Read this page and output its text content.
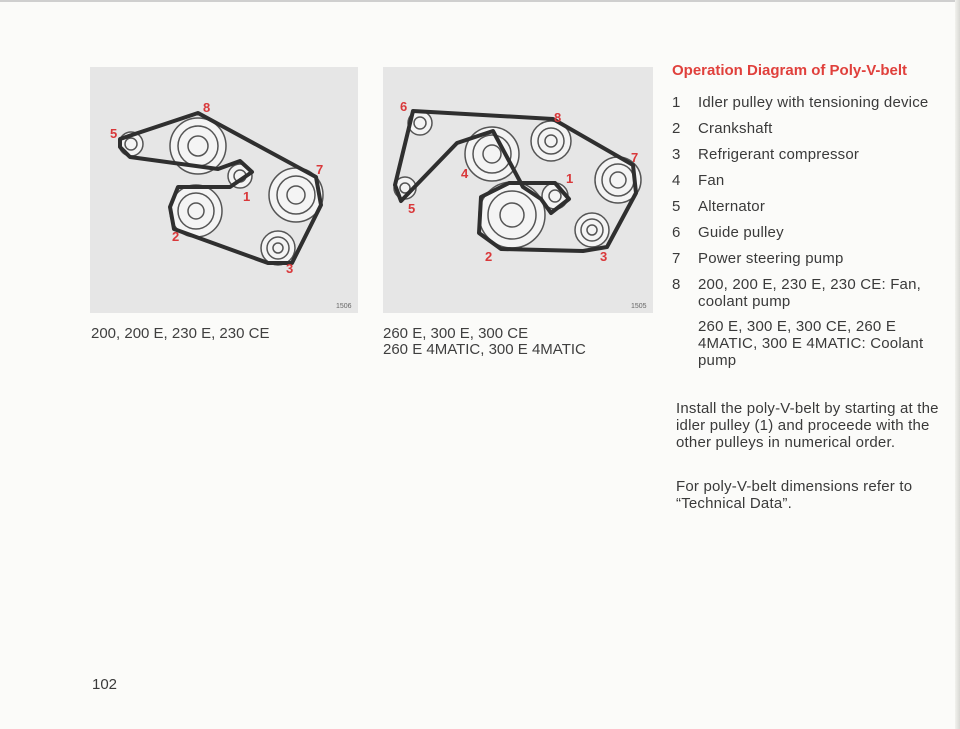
5
8
1
7
2
3
1506
200, 200 E, 230 E, 230 CE
6
5
4
8
1
7
2	3
1505
260 E, 300 E, 300 CE
260 E 4MATIC, 300 E 4MATIC
Operation Diagram of Poly-V-belt
1 Idler pulley with tensioning device
2 Crankshaft
3 Refrigerant compressor
4 Fan
5 Alternator
6 Guide pulley
7 Power steering pump
8 200, 200 E, 230 E, 230 CE: Fan, coolant pump
260 E, 300 E, 300 CE, 260 E 4MATIC, 300 E 4MATIC: Coolant pump

Install the poly-V-belt by starting at the idler pulley (1) and proceede with the other pulleys in numerical order.

For poly-V-belt dimensions refer to “Technical Data”.

102
